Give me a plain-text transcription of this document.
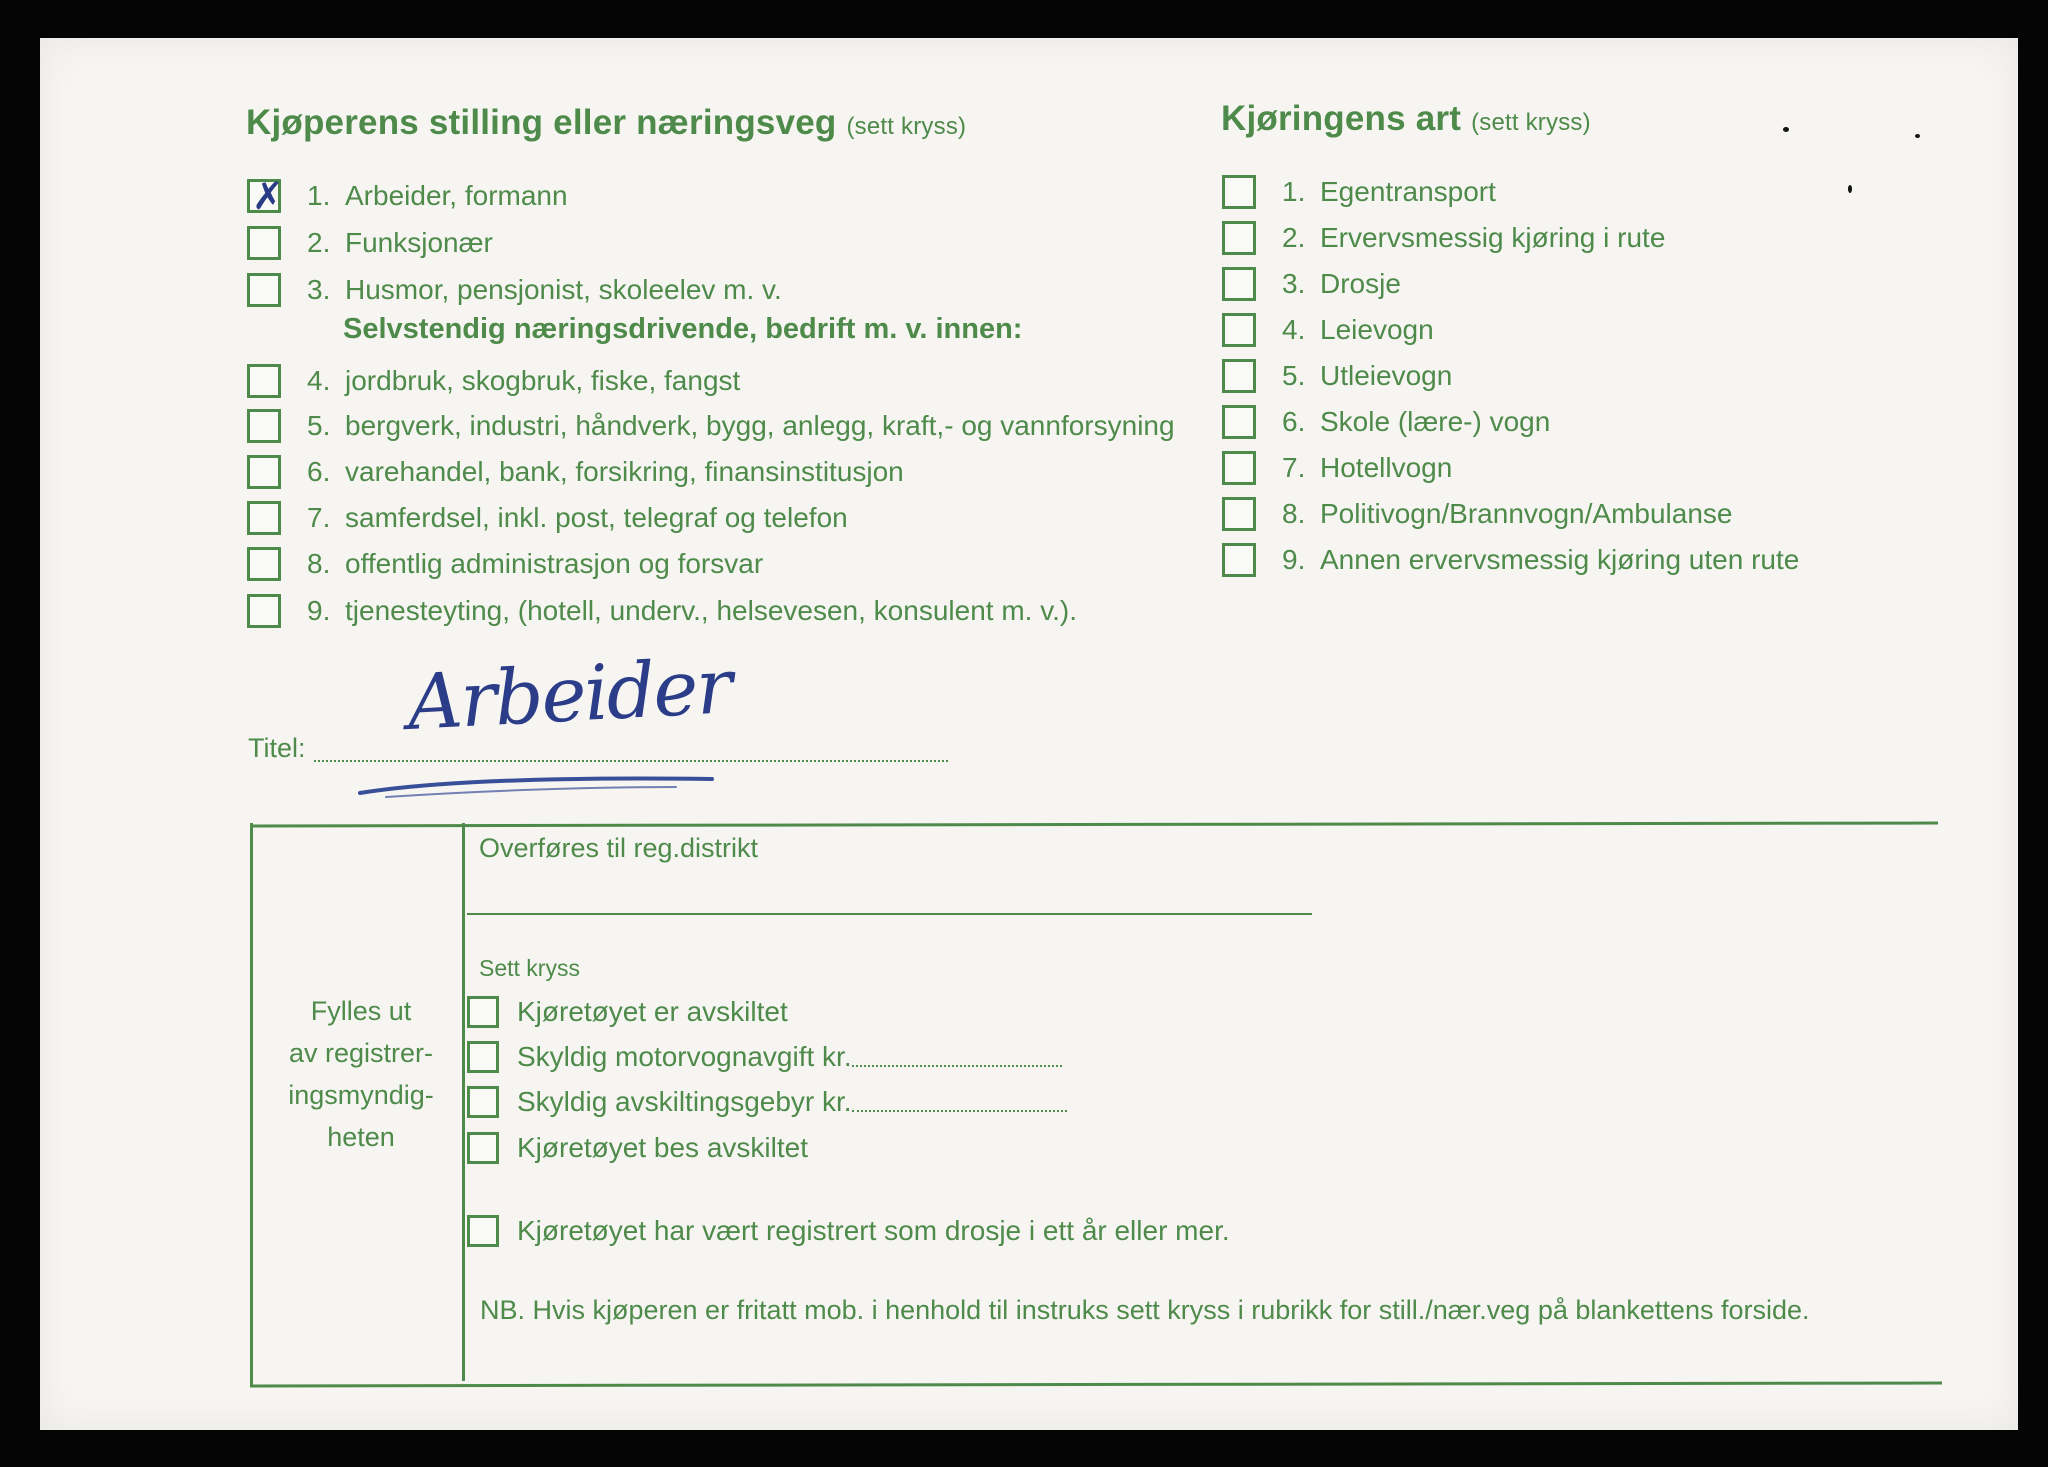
Kjøperens stilling eller næringsveg (sett kryss)
✗ 1. Arbeider, formann
2. Funksjonær
3. Husmor, pensjonist, skoleelev m. v.
Selvstendig næringsdrivende, bedrift m. v. innen:
4. jordbruk, skogbruk, fiske, fangst
5. bergverk, industri, håndverk, bygg, anlegg, kraft,- og vannforsyning
6. varehandel, bank, forsikring, finansinstitusjon
7. samferdsel, inkl. post, telegraf og telefon
8. offentlig administrasjon og forsvar
9. tjenesteyting, (hotell, underv., helsevesen, konsulent m. v.).
Kjøringens art (sett kryss)
1. Egentransport
2. Ervervsmessig kjøring i rute
3. Drosje
4. Leievogn
5. Utleievogn
6. Skole (lære-) vogn
7. Hotellvogn
8. Politivogn/Brannvogn/Ambulanse
9. Annen ervervsmessig kjøring uten rute
Arbeider
Titel:
Fylles ut
av registrer-
ingsmyndig-
heten
Overføres til reg.distrikt
Sett kryss
Kjøretøyet er avskiltet
Skyldig motorvognavgift kr.
Skyldig avskiltingsgebyr kr.
Kjøretøyet bes avskiltet
Kjøretøyet har vært registrert som drosje i ett år eller mer.
NB. Hvis kjøperen er fritatt mob. i henhold til instruks sett kryss i rubrikk for still./nær.veg på blankettens forside.
